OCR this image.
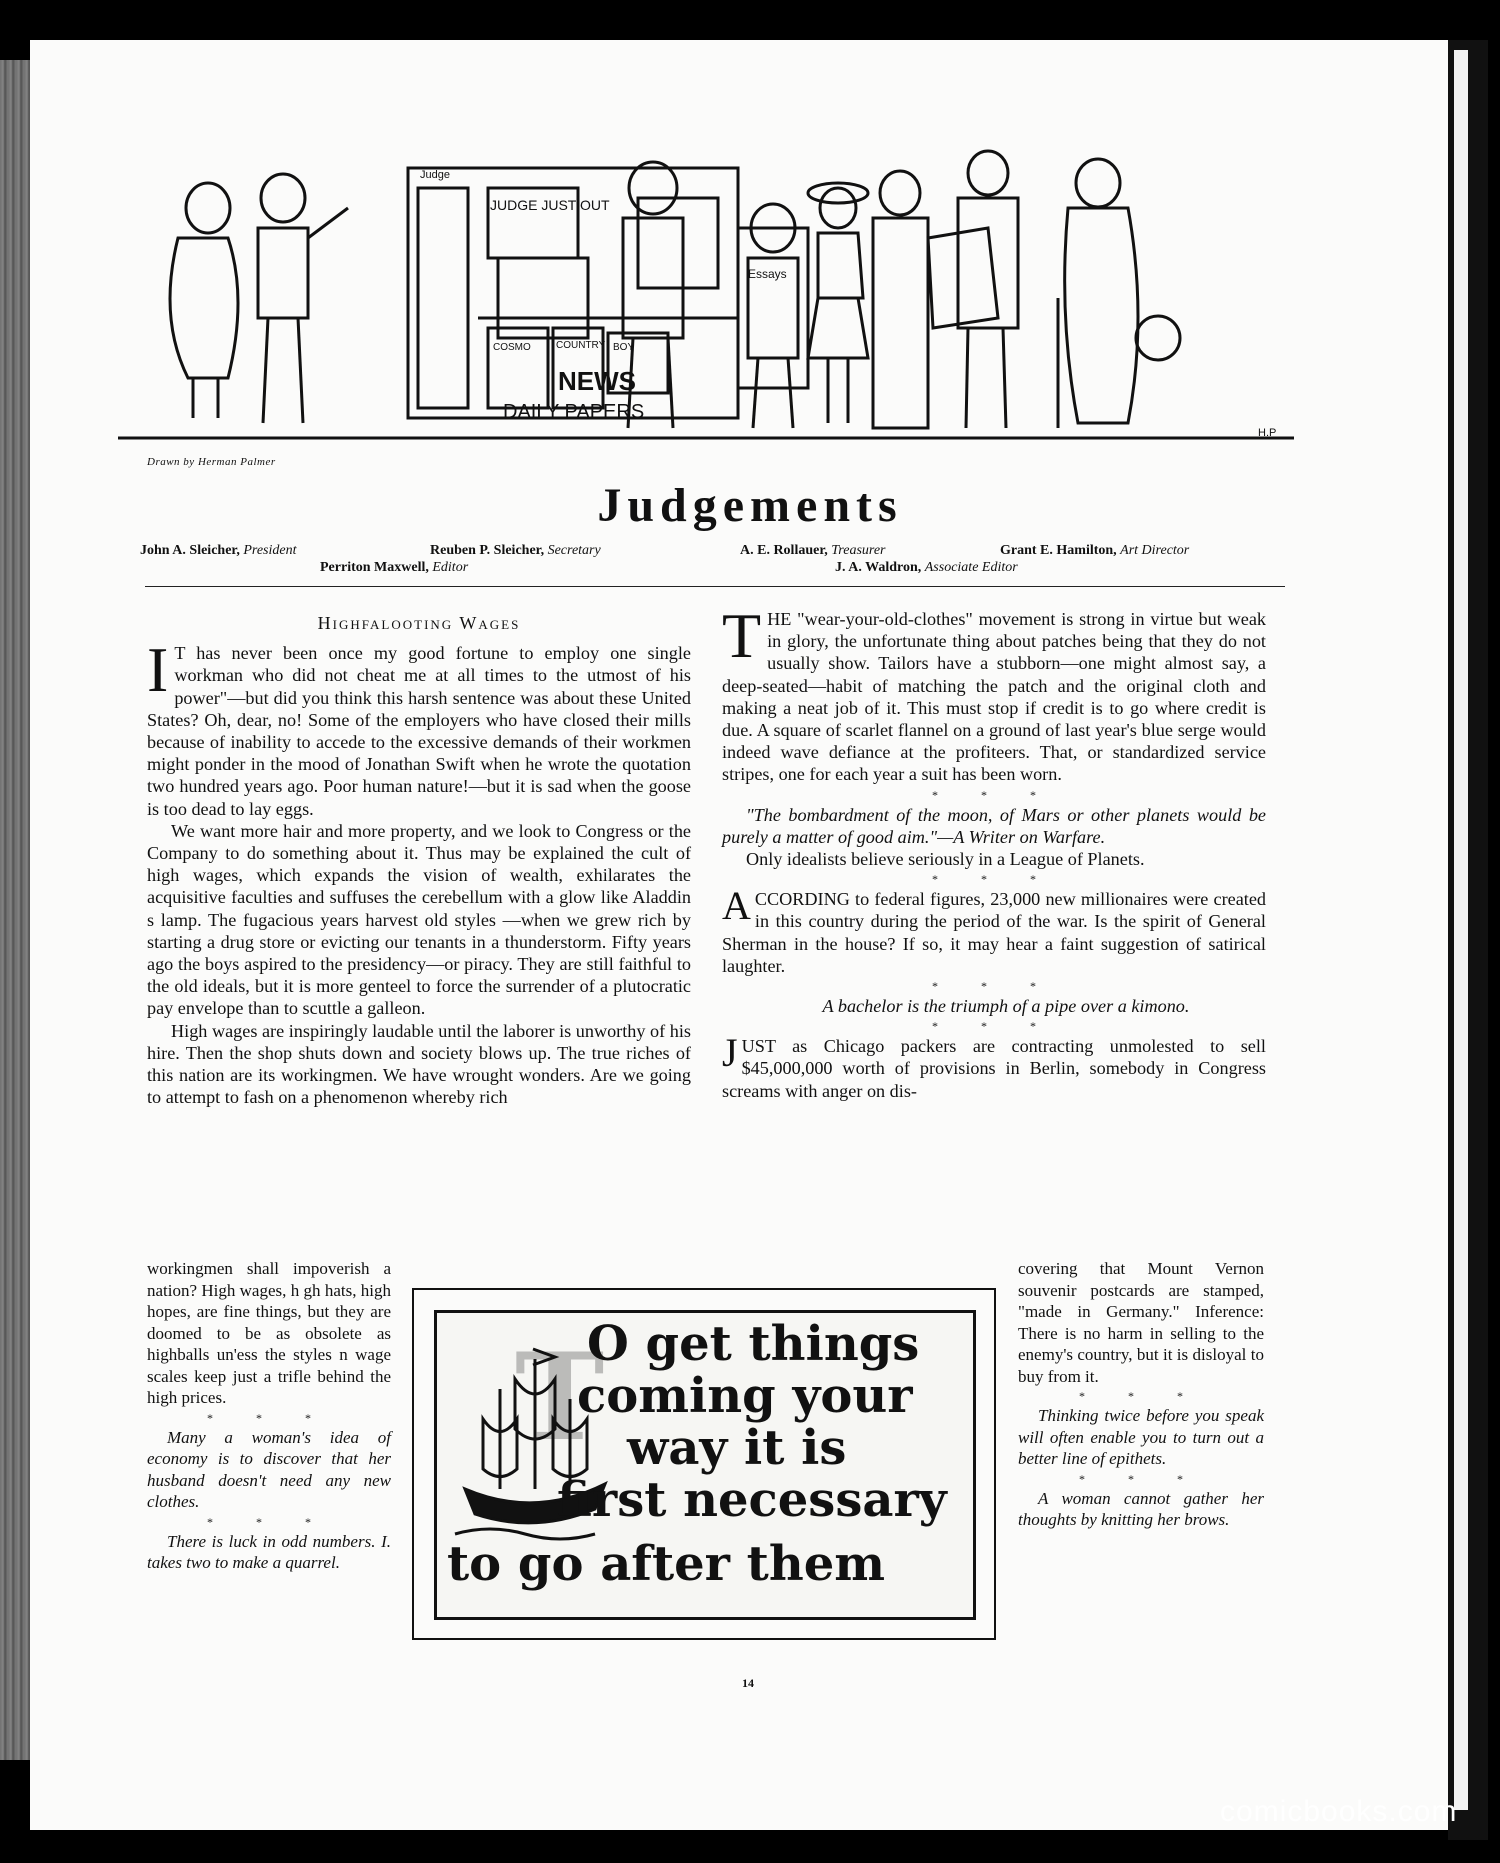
JUDGE JUST OUT
Judge
NEWS
DAILY PAPERS
COSMO	COUNTRY BOY
Essays
H.P
Drawn by Herman Palmer
Judgements
John A. Sleicher, President	Reuben P. Sleicher, Secretary	A. E. Rollauer, Treasurer	Grant E. Hamilton, Art Director
Perriton Maxwell, Editor	J. A. Waldron, Associate Editor
Highfalooting Wages

I T has never been once my good fortune to employ one single workman who did not cheat me at all times to the utmost of his power"—but did you think this harsh sentence was about these United States? Oh, dear, no! Some of the employers who have closed their mills because of inability to accede to the excessive demands of their workmen might ponder in the mood of Jonathan Swift when he wrote the quotation two hundred years ago. Poor human nature!—but it is sad when the goose is too dead to lay eggs.

We want more hair and more property, and we look to Congress or the Company to do something about it. Thus may be explained the cult of high wages, which expands the vision of wealth, exhilarates the acquisitive faculties and suffuses the cerebellum with a glow like Aladdin s lamp. The fugacious years harvest old styles —when we grew rich by starting a drug store or evicting our tenants in a thunderstorm. Fifty years ago the boys aspired to the presidency—or piracy. They are still faithful to the old ideals, but it is more genteel to force the surrender of a plutocratic pay envelope than to scuttle a galleon.

High wages are inspiringly laudable until the laborer is unworthy of his hire. Then the shop shuts down and society blows up. The true riches of this nation are its workingmen. We have wrought wonders. Are we going to attempt to fash on a phenomenon whereby rich

workingmen shall impoverish a nation? High wages, h gh hats, high hopes, are fine things, but they are doomed to be as obsolete as highballs un'ess the styles n wage scales keep just a trifle behind the high prices.

* * *

Many a woman's idea of economy is to discover that her husband doesn't need any new clothes.

* * *

There is luck in odd numbers. I. takes two to make a quarrel.

THE "wear-your-old-clothes" movement is strong in virtue but weak in glory, the unfortunate thing about patches being that they do not usually show. Tailors have a stubborn—one might almost say, a deep-seated—habit of matching the patch and the original cloth and making a neat job of it. This must stop if credit is to go where credit is due. A square of scarlet flannel on a ground of last year's blue serge would indeed wave defiance at the profiteers. That, or standardized service stripes, one for each year a suit has been worn.

* * *

"The bombardment of the moon, of Mars or other planets would be purely a matter of good aim."—A Writer on Warfare.

Only idealists believe seriously in a League of Planets.

* * *

ACCORDING to federal figures, 23,000 new millionaires were created in this country during the period of the war. Is the spirit of General Sherman in the house? If so, it may hear a faint suggestion of satirical laughter.

* * *

A bachelor is the triumph of a pipe over a kimono.

* * *

JUST as Chicago packers are contracting unmolested to sell $45,000,000 worth of provisions in Berlin, somebody in Congress screams with anger on dis-

covering that Mount Vernon souvenir postcards are stamped, "made in Germany." Inference: There is no harm in selling to the enemy's country, but it is disloyal to buy from it.

* * *

Thinking twice before you speak will often enable you to turn out a better line of epithets.

* * *

A woman cannot gather her thoughts by knitting her brows.

T
O get things
coming your
way it is
first necessary
to go after them
14
comicbooks.com
